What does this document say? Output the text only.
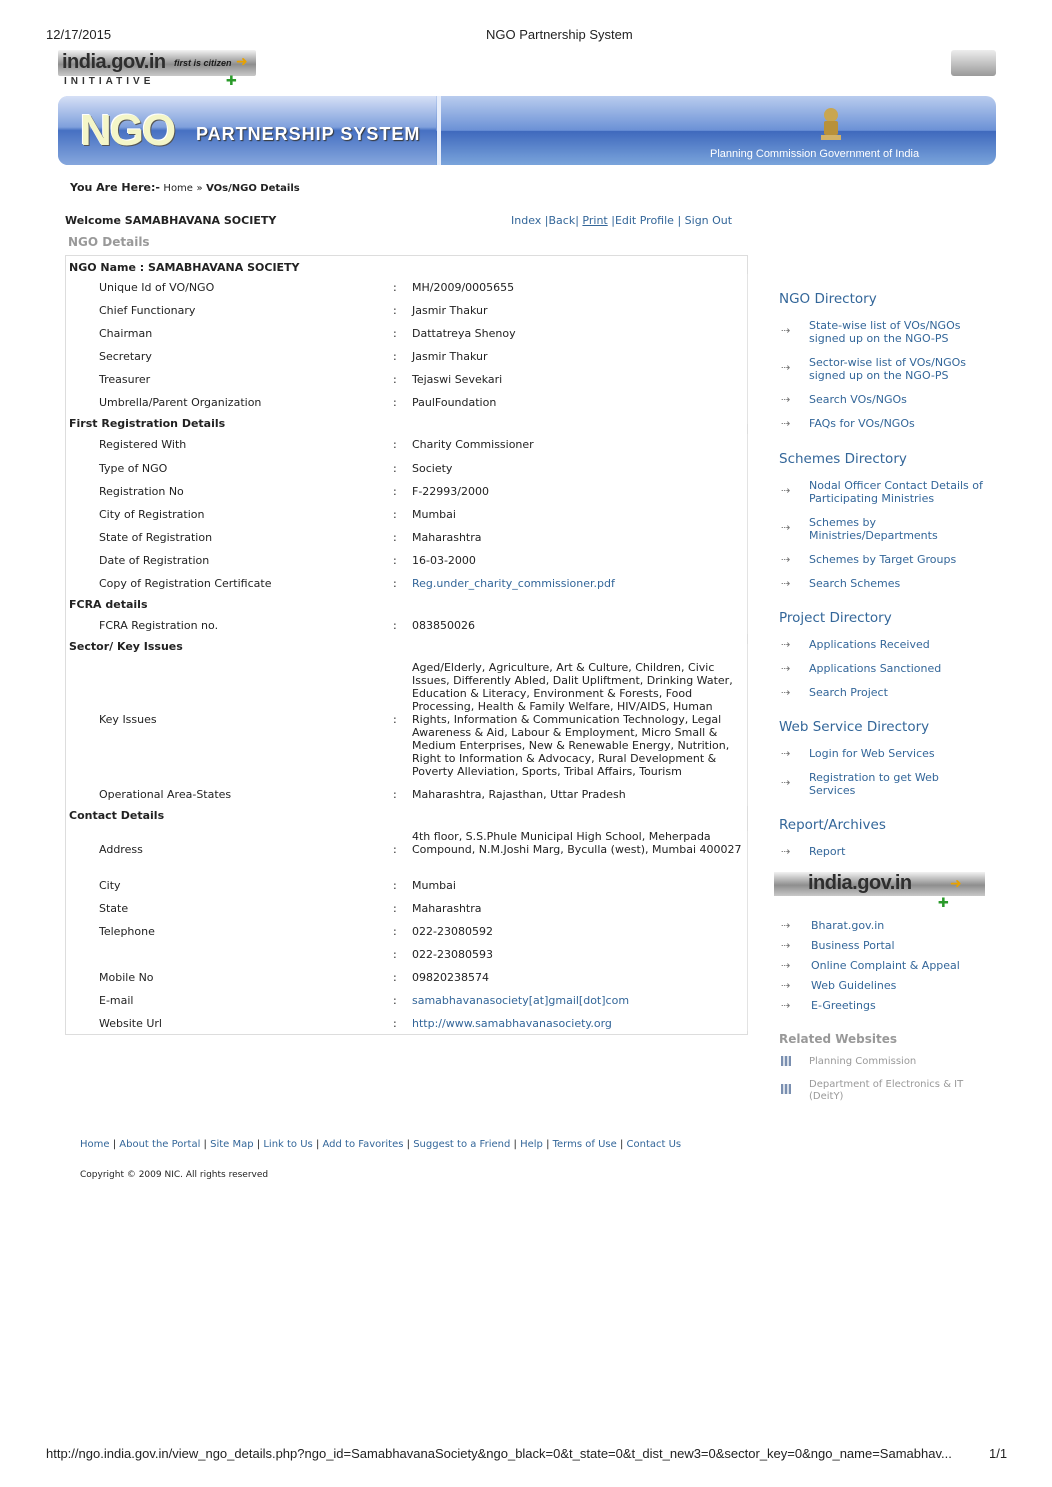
12/17/2015	NGO Partnership System
india.gov.in first is citizen ➜
INITIATIVE	✚
NGO PARTNERSHIP SYSTEM
Planning Commission Government of India
You Are Here:- Home » VOs/NGO Details
Welcome SAMABHAVANA SOCIETY	Index |Back| Print |Edit Profile | Sign Out
NGO Details
NGO Name : SAMABHAVANA SOCIETY
Unique Id of VO/NGO	: MH/2009/0005655
Chief Functionary	: Jasmir Thakur
Chairman	: Dattatreya Shenoy
Secretary	: Jasmir Thakur
Treasurer	: Tejaswi Sevekari
Umbrella/Parent Organization	: PaulFoundation
First Registration Details
Registered With	: Charity Commissioner
Type of NGO	: Society
Registration No	: F-22993/2000
City of Registration	: Mumbai
State of Registration	: Maharashtra
Date of Registration	: 16-03-2000
Copy of Registration Certificate	: Reg.under_charity_commissioner.pdf
FCRA details
FCRA Registration no.	: 083850026
Sector/ Key Issues
Key Issues	:
Aged/Elderly, Agriculture, Art & Culture, Children, Civic Issues, Differently Abled, Dalit Upliftment, Drinking Water, Education & Literacy, Environment & Forests, Food Processing, Health & Family Welfare, HIV/AIDS, Human Rights, Information & Communication Technology, Legal Awareness & Aid, Labour & Employment, Micro Small & Medium Enterprises, New & Renewable Energy, Nutrition, Right to Information & Advocacy, Rural Development & Poverty Alleviation, Sports, Tribal Affairs, Tourism
Operational Area-States	: Maharashtra, Rajasthan, Uttar Pradesh
Contact Details
Address	:
4th floor, S.S.Phule Municipal High School, Meherpada Compound, N.M.Joshi Marg, Byculla (west), Mumbai 400027
City	: Mumbai
State	: Maharashtra
Telephone	: 022-23080592
: 022-23080593
Mobile No	: 09820238574
E-mail	: samabhavanasociety[at]gmail[dot]com
Website Url	: http://www.samabhavanasociety.org
NGO Directory
⇢ State-wise list of VOs/NGOs signed up on the NGO-PS
⇢ Sector-wise list of VOs/NGOs signed up on the NGO-PS
⇢ Search VOs/NGOs
⇢ FAQs for VOs/NGOs
Schemes Directory
⇢ Nodal Officer Contact Details of Participating Ministries
⇢ Schemes by Ministries/Departments
⇢ Schemes by Target Groups
⇢ Search Schemes
Project Directory
⇢ Applications Received
⇢ Applications Sanctioned
⇢ Search Project
Web Service Directory
⇢ Login for Web Services
⇢ Registration to get Web Services
Report/Archives
⇢ Report
india.gov.in	➜
✚
⇢ Bharat.gov.in
⇢ Business Portal
⇢ Online Complaint & Appeal
⇢ Web Guidelines
⇢ E-Greetings
Related Websites
Planning Commission
Department of Electronics & IT (DeitY)
Home | About the Portal | Site Map | Link to Us | Add to Favorites | Suggest to a Friend | Help | Terms of Use | Contact Us
Copyright © 2009 NIC. All rights reserved
http://ngo.india.gov.in/view_ngo_details.php?ngo_id=SamabhavanaSociety&ngo_black=0&t_state=0&t_dist_new3=0&sector_key=0&ngo_name=Samabhav...	1/1
